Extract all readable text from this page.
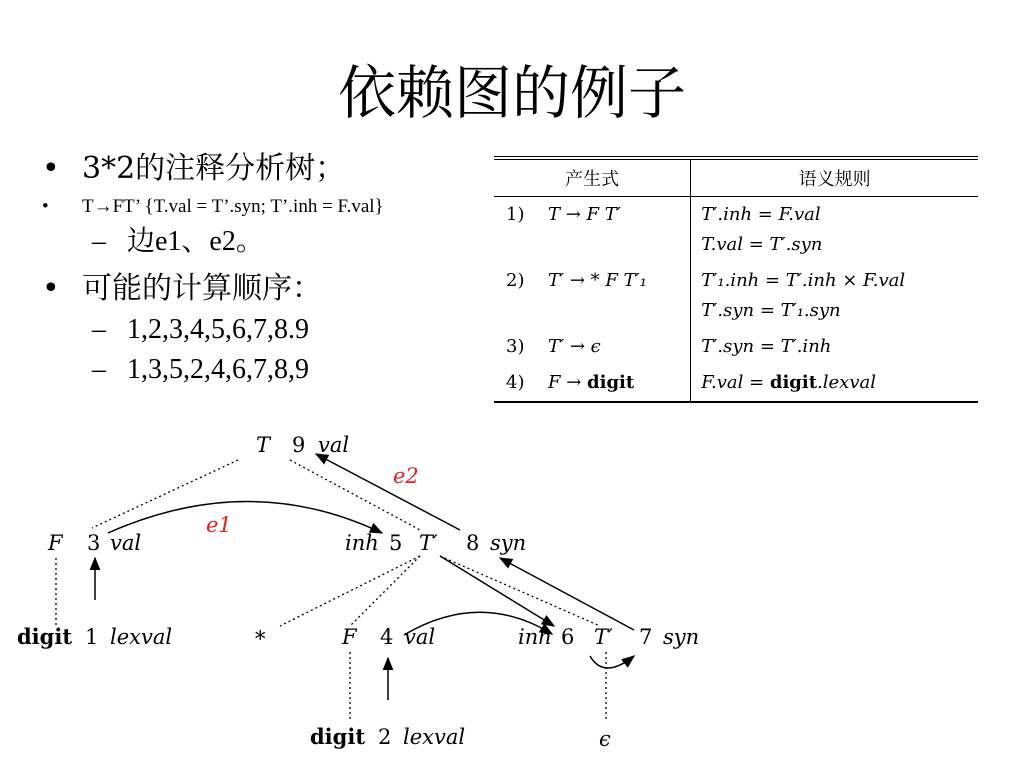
依赖图的例子
• 3*2的注释分析树；
• T→FT’ {T.val = T’.syn; T’.inh = F.val}
– 边e1、e2。
• 可能的计算顺序：
– 1,2,3,4,5,6,7,8.9
– 1,3,5,2,4,6,7,8,9
产生式		语义规则
1)	T → F T′	T′.inh = F.val
T.val = T′.syn

2)	T′ → * F T′₁	T′₁.inh = T′.inh × F.val
T′.syn = T′₁.syn

3)	T′ → ϵ	T′.syn = T′.inh

4)	F → digit	F.val = digit.lexval
e2
e1
T 9 val
F 3 val	inh 5 T′ 8 syn
digit 1 lexval	*	F 4 val	inh 6 T′ 7 syn
digit 2 lexval	ϵ
